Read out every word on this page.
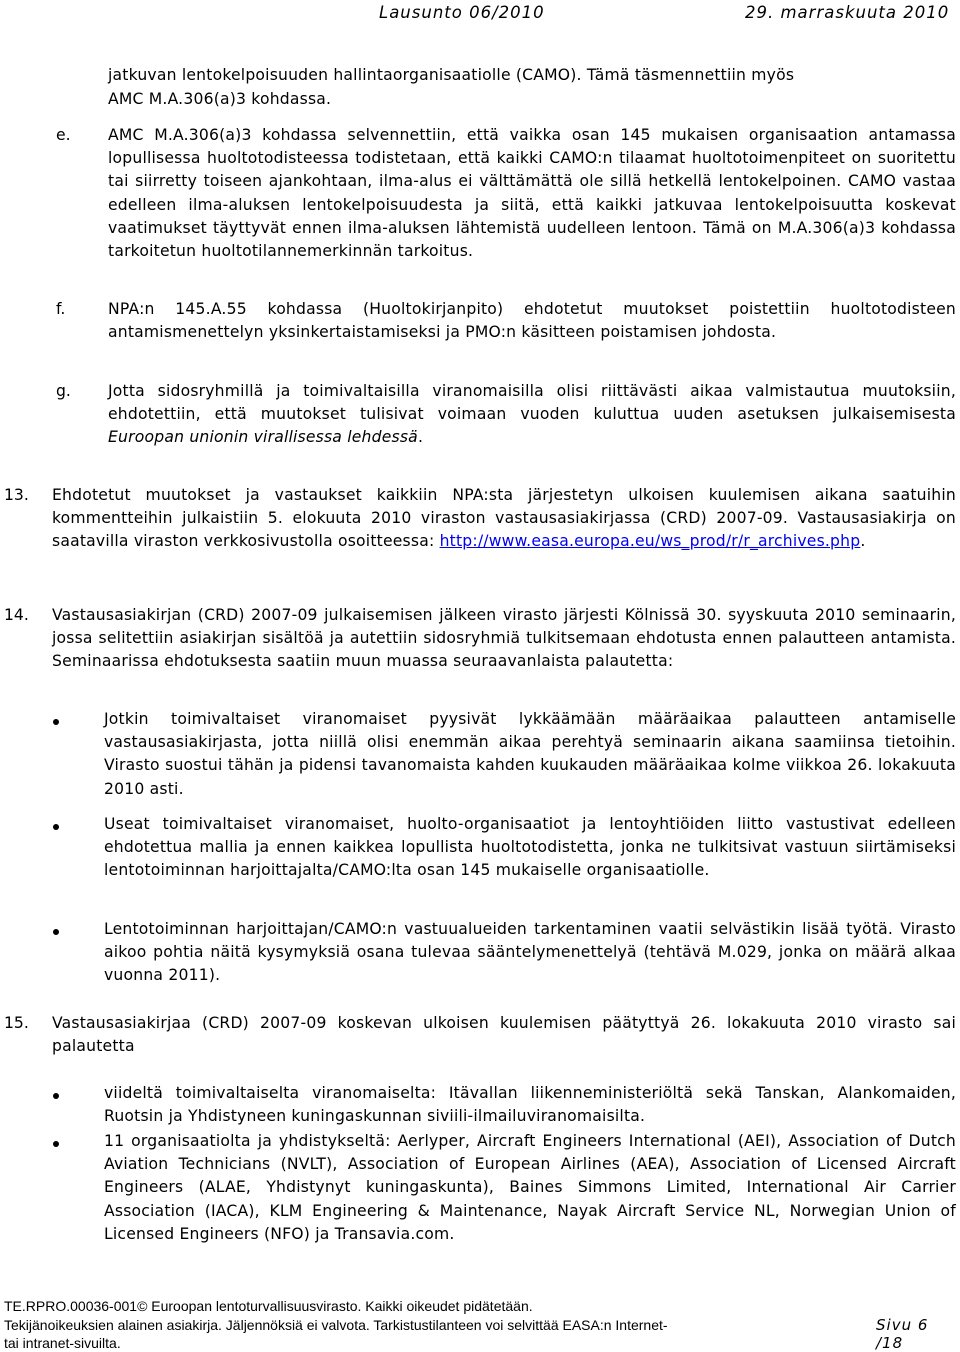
Lausunto 06/2010	29. marraskuuta 2010
jatkuvan lentokelpoisuuden hallintaorganisaatiolle (CAMO). Tämä täsmennettiin myös
AMC M.A.306(a)3 kohdassa.
e. AMC M.A.306(a)3 kohdassa selvennettiin, että vaikka osan 145 mukaisen organisaation antamassa lopullisessa huoltotodisteessa todistetaan, että kaikki CAMO:n tilaamat huoltotoimenpiteet on suoritettu tai siirretty toiseen ajankohtaan, ilma-alus ei välttämättä ole sillä hetkellä lentokelpoinen. CAMO vastaa edelleen ilma-aluksen lentokelpoisuudesta ja siitä, että kaikki jatkuvaa lentokelpoisuutta koskevat vaatimukset täyttyvät ennen ilma-aluksen lähtemistä uudelleen lentoon. Tämä on M.A.306(a)3 kohdassa tarkoitetun huoltotilannemerkinnän tarkoitus.
f.	NPA:n 145.A.55 kohdassa (Huoltokirjanpito) ehdotetut muutokset poistettiin huoltotodisteen antamismenettelyn yksinkertaistamiseksi ja PMO:n käsitteen poistamisen johdosta.
g. Jotta sidosryhmillä ja toimivaltaisilla viranomaisilla olisi riittävästi aikaa valmistautua muutoksiin, ehdotettiin, että muutokset tulisivat voimaan vuoden kuluttua uuden asetuksen julkaisemisesta Euroopan unionin virallisessa lehdessä.
13. Ehdotetut muutokset ja vastaukset kaikkiin NPA:sta järjestetyn ulkoisen kuulemisen aikana saatuihin kommentteihin julkaistiin 5. elokuuta 2010 viraston vastausasiakirjassa (CRD) 2007-09. Vastausasiakirja on saatavilla viraston verkkosivustolla osoitteessa: http://www.easa.europa.eu/ws_prod/r/r_archives.php.
14. Vastausasiakirjan (CRD) 2007-09 julkaisemisen jälkeen virasto järjesti Kölnissä 30. syyskuuta 2010 seminaarin, jossa selitettiin asiakirjan sisältöä ja autettiin sidosryhmiä tulkitsemaan ehdotusta ennen palautteen antamista. Seminaarissa ehdotuksesta saatiin muun muassa seuraavanlaista palautetta:
Jotkin toimivaltaiset viranomaiset pyysivät lykkäämään määräaikaa palautteen antamiselle vastausasiakirjasta, jotta niillä olisi enemmän aikaa perehtyä seminaarin aikana saamiinsa tietoihin. Virasto suostui tähän ja pidensi tavanomaista kahden kuukauden määräaikaa kolme viikkoa 26. lokakuuta 2010 asti.
Useat toimivaltaiset viranomaiset, huolto-organisaatiot ja lentoyhtiöiden liitto vastustivat edelleen ehdotettua mallia ja ennen kaikkea lopullista huoltotodistetta, jonka ne tulkitsivat vastuun siirtämiseksi lentotoiminnan harjoittajalta/CAMO:lta osan 145 mukaiselle organisaatiolle.
Lentotoiminnan harjoittajan/CAMO:n vastuualueiden tarkentaminen vaatii selvästikin lisää työtä. Virasto aikoo pohtia näitä kysymyksiä osana tulevaa sääntelymenettelyä (tehtävä M.029, jonka on määrä alkaa vuonna 2011).
15. Vastausasiakirjaa (CRD) 2007-09 koskevan ulkoisen kuulemisen päätyttyä 26. lokakuuta 2010 virasto sai palautetta
viideltä toimivaltaiselta viranomaiselta: Itävallan liikenneministeriöltä sekä Tanskan, Alankomaiden, Ruotsin ja Yhdistyneen kuningaskunnan siviili-ilmailuviranomaisilta.
11 organisaatiolta ja yhdistykseltä: Aerlyper, Aircraft Engineers International (AEI), Association of Dutch Aviation Technicians (NVLT), Association of European Airlines (AEA), Association of Licensed Aircraft Engineers (ALAE, Yhdistynyt kuningaskunta), Baines Simmons Limited, International Air Carrier Association (IACA), KLM Engineering & Maintenance, Nayak Aircraft Service NL, Norwegian Union of Licensed Engineers (NFO) ja Transavia.com.
TE.RPRO.00036-001© Euroopan lentoturvallisuusvirasto. Kaikki oikeudet pidätetään.
Tekijänoikeuksien alainen asiakirja. Jäljennöksiä ei valvota. Tarkistustilanteen voi selvittää EASA:n Internet-
tai intranet-sivuilta.
Sivu 6 /18
